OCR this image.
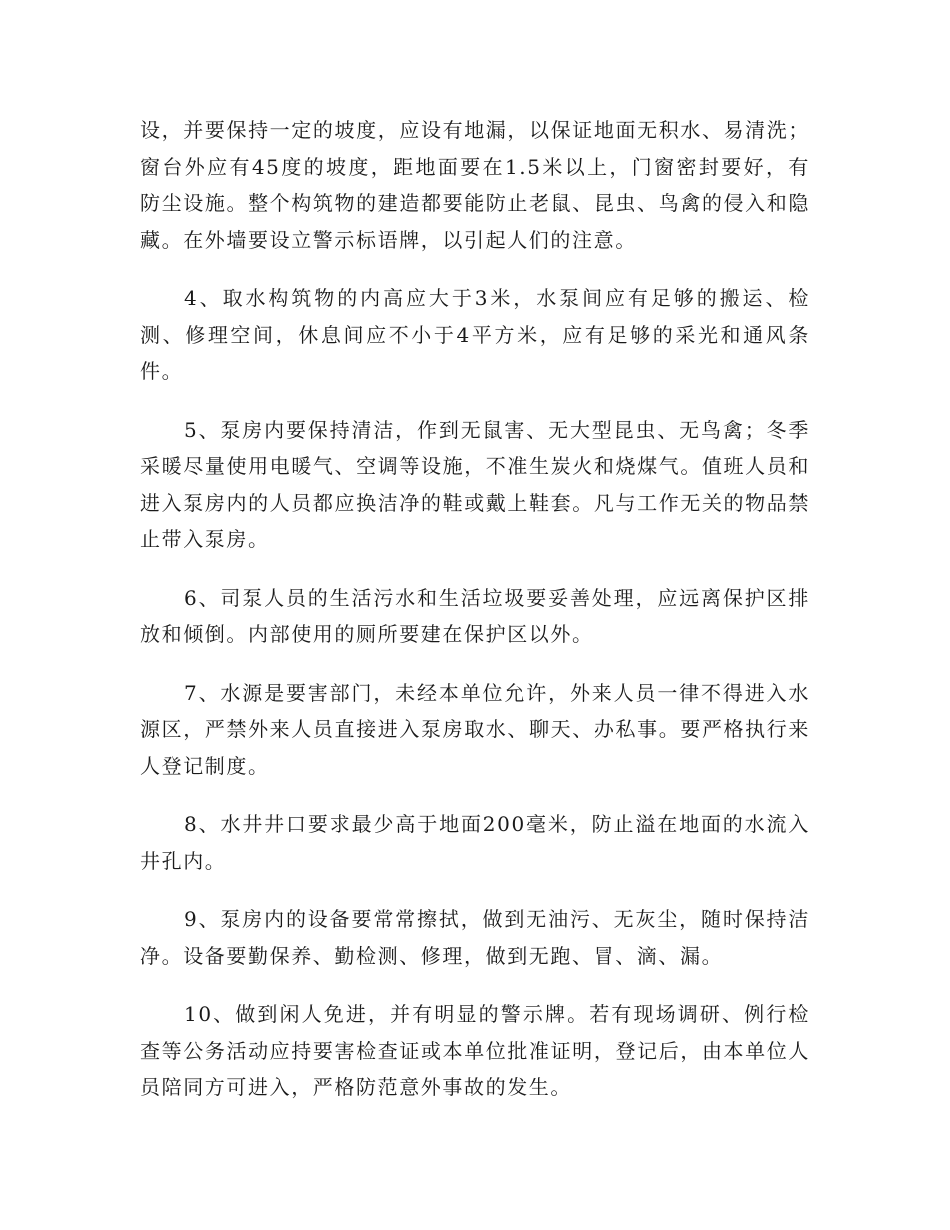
设，并要保持一定的坡度，应设有地漏，以保证地面无积水、易清洗；窗台外应有45度的坡度，距地面要在1.5米以上，门窗密封要好，有防尘设施。整个构筑物的建造都要能防止老鼠、昆虫、鸟禽的侵入和隐藏。在外墙要设立警示标语牌，以引起人们的注意。

4、取水构筑物的内高应大于3米，水泵间应有足够的搬运、检测、修理空间，休息间应不小于4平方米，应有足够的采光和通风条件。

5、泵房内要保持清洁，作到无鼠害、无大型昆虫、无鸟禽；冬季采暖尽量使用电暖气、空调等设施，不准生炭火和烧煤气。值班人员和进入泵房内的人员都应换洁净的鞋或戴上鞋套。凡与工作无关的物品禁止带入泵房。

6、司泵人员的生活污水和生活垃圾要妥善处理，应远离保护区排放和倾倒。内部使用的厕所要建在保护区以外。

7、水源是要害部门，未经本单位允许，外来人员一律不得进入水源区，严禁外来人员直接进入泵房取水、聊天、办私事。要严格执行来人登记制度。

8、水井井口要求最少高于地面200毫米，防止溢在地面的水流入井孔内。

9、泵房内的设备要常常擦拭，做到无油污、无灰尘，随时保持洁净。设备要勤保养、勤检测、修理，做到无跑、冒、滴、漏。

10、做到闲人免进，并有明显的警示牌。若有现场调研、例行检查等公务活动应持要害检查证或本单位批准证明，登记后，由本单位人员陪同方可进入，严格防范意外事故的发生。
